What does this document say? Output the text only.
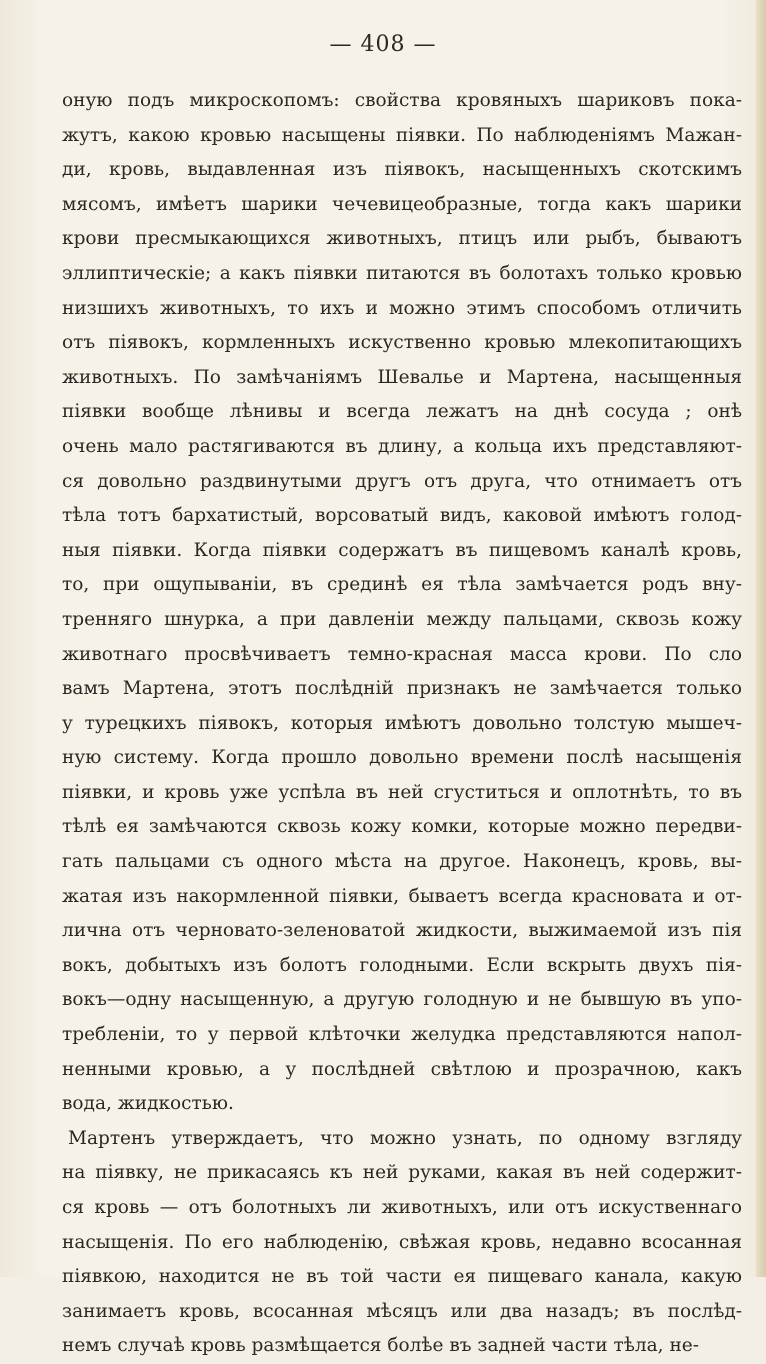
— 408 —
оную подъ микроскопомъ: свойства кровяныхъ шариковъ пока-
жутъ, какою кровью насыщены пiявки. По наблюденiямъ Мажан-
ди, кровь, выдавленная изъ пiявокъ, насыщенныхъ скотскимъ
мясомъ, имѣетъ шарики чечевицеобразные, тогда какъ шарики
крови пресмыкающихся животныхъ, птицъ или рыбъ, бываютъ
эллиптическiе; а какъ пiявки питаются въ болотахъ только кровью
низшихъ животныхъ, то ихъ и можно этимъ способомъ отличить
отъ пiявокъ, кормленныхъ искуственно кровью млекопитающихъ
животныхъ. По замѣчанiямъ Шевалье и Мартена, насыщенныя
пiявки вообще лѣнивы и всегда лежатъ на днѣ сосуда ; онѣ
очень мало растягиваются въ длину, а кольца ихъ представляют-
ся довольно раздвинутыми другъ отъ друга, что отнимаетъ отъ
тѣла тотъ бархатистый, ворсоватый видъ, каковой имѣютъ голод-
ныя пiявки. Когда пiявки содержатъ въ пищевомъ каналѣ кровь,
то, при ощупыванiи, въ срединѣ ея тѣла замѣчается родъ вну-
тренняго шнурка, а при давленiи между пальцами, сквозь кожу
животнаго просвѣчиваетъ темно-красная масса крови. По сло
вамъ Мартена, этотъ послѣднiй признакъ не замѣчается только
у турецкихъ пiявокъ, которыя имѣютъ довольно толстую мышеч-
ную систему. Когда прошло довольно времени послѣ насыщенiя
пiявки, и кровь уже успѣла въ ней сгуститься и оплотнѣть, то въ
тѣлѣ ея замѣчаются сквозь кожу комки, которые можно передви-
гать пальцами съ одного мѣста на другое. Наконецъ, кровь, вы-
жатая изъ накормленной пiявки, бываетъ всегда красновата и от-
лична отъ черновато-зеленоватой жидкости, выжимаемой изъ пiя
вокъ, добытыхъ изъ болотъ голодными. Если вскрыть двухъ пiя-
вокъ—одну насыщенную, а другую голодную и не бывшую въ упо-
требленiи, то у первой клѣточки желудка представляются напол-
ненными кровью, а у послѣдней свѣтлою и прозрачною, какъ
вода, жидкостью.
Мартенъ утверждаетъ, что можно узнать, по одному взгляду
на пiявку, не прикасаясь къ ней руками, какая въ ней содержит-
ся кровь — отъ болотныхъ ли животныхъ, или отъ искуственнаго
насыщенiя. По его наблюденiю, свѣжая кровь, недавно всосанная
пiявкою, находится не въ той части ея пищеваго канала, какую
занимаетъ кровь, всосанная мѣсяцъ или два назадъ; въ послѣд-
немъ случаѣ кровь размѣщается болѣе въ задней части тѣла, не-
